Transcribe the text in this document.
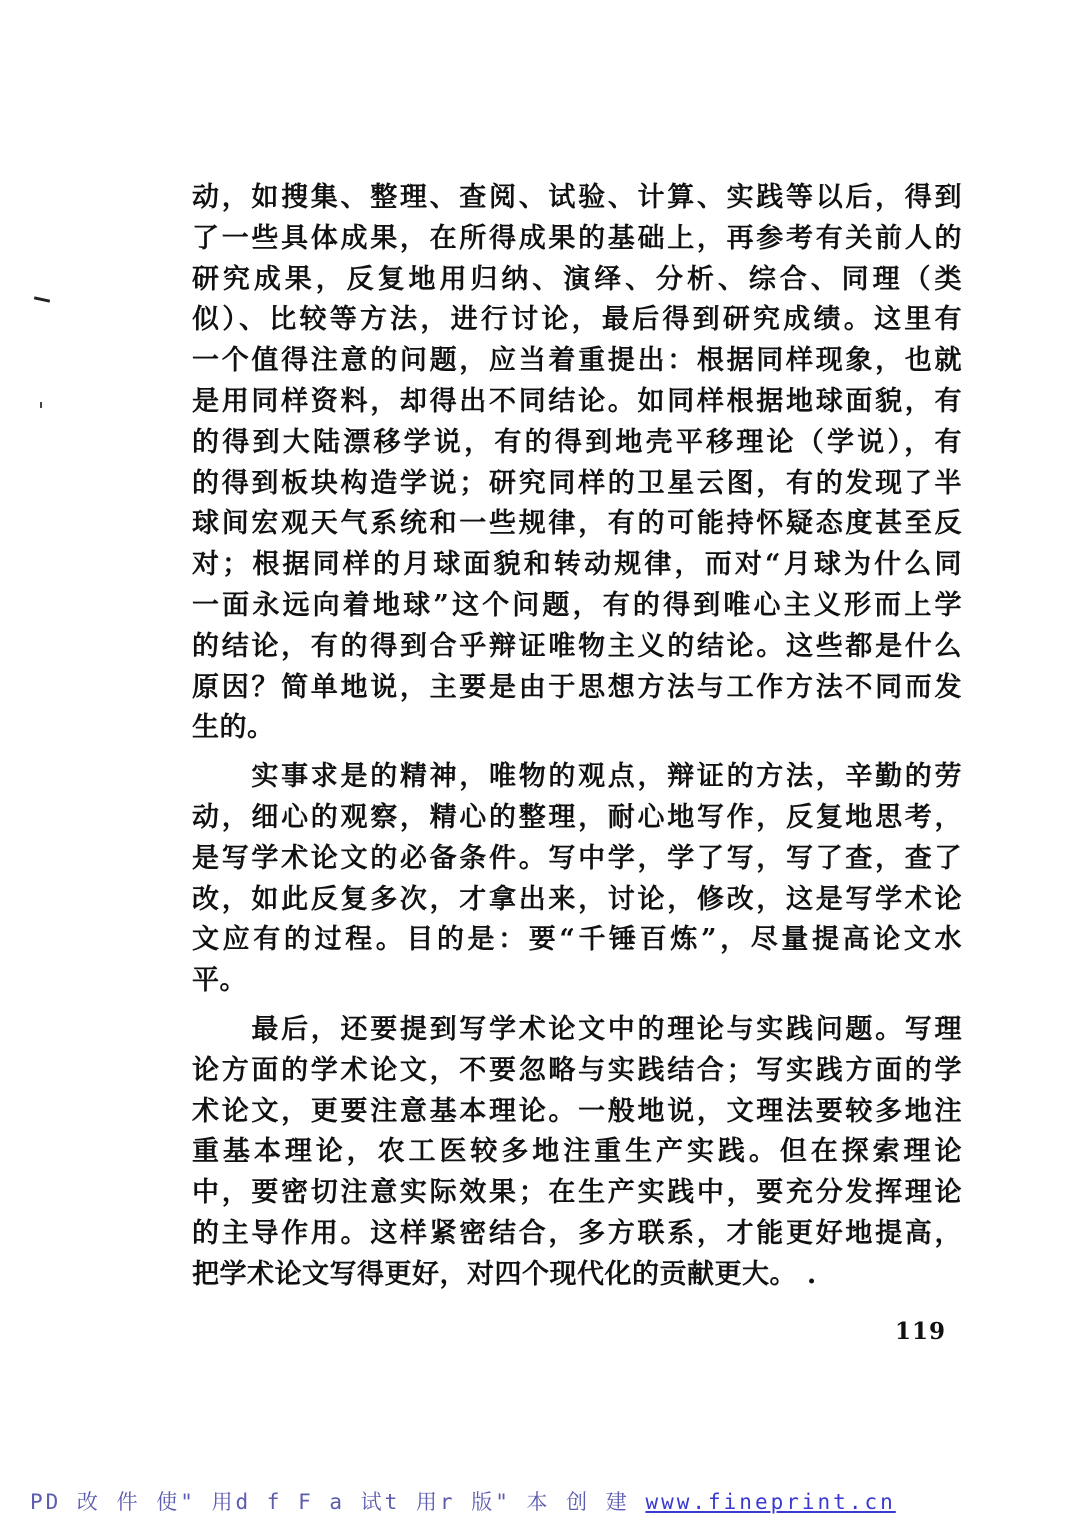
动，如搜集、整理、查阅、试验、计算、实践等以后，得到
了一些具体成果，在所得成果的基础上，再参考有关前人的
研究成果，反复地用归纳、演绎、分析、综合、同理（类
似）、比较等方法，进行讨论，最后得到研究成绩。这里有
一个值得注意的问题，应当着重提出：根据同样现象，也就
是用同样资料，却得出不同结论。如同样根据地球面貌，有
的得到大陆漂移学说，有的得到地壳平移理论（学说），有
的得到板块构造学说；研究同样的卫星云图，有的发现了半
球间宏观天气系统和一些规律，有的可能持怀疑态度甚至反
对；根据同样的月球面貌和转动规律，而对“月球为什么同
一面永远向着地球”这个问题，有的得到唯心主义形而上学
的结论，有的得到合乎辩证唯物主义的结论。这些都是什么
原因？简单地说，主要是由于思想方法与工作方法不同而发
生的。
　　实事求是的精神，唯物的观点，辩证的方法，辛勤的劳
动，细心的观察，精心的整理，耐心地写作，反复地思考，
是写学术论文的必备条件。写中学，学了写，写了查，查了
改，如此反复多次，才拿出来，讨论，修改，这是写学术论
文应有的过程。目的是：要“千锤百炼”，尽量提高论文水
平。
　　最后，还要提到写学术论文中的理论与实践问题。写理
论方面的学术论文，不要忽略与实践结合；写实践方面的学
术论文，更要注意基本理论。一般地说，文理法要较多地注
重基本理论，农工医较多地注重生产实践。但在探索理论
中，要密切注意实际效果；在生产实践中，要充分发挥理论
的主导作用。这样紧密结合，多方联系，才能更好地提高，
把学术论文写得更好，对四个现代化的贡献更大。 .
119
PD 改 件 使" 用d f F a 试t 用r 版" 本 创 建 www.fineprint.cn
